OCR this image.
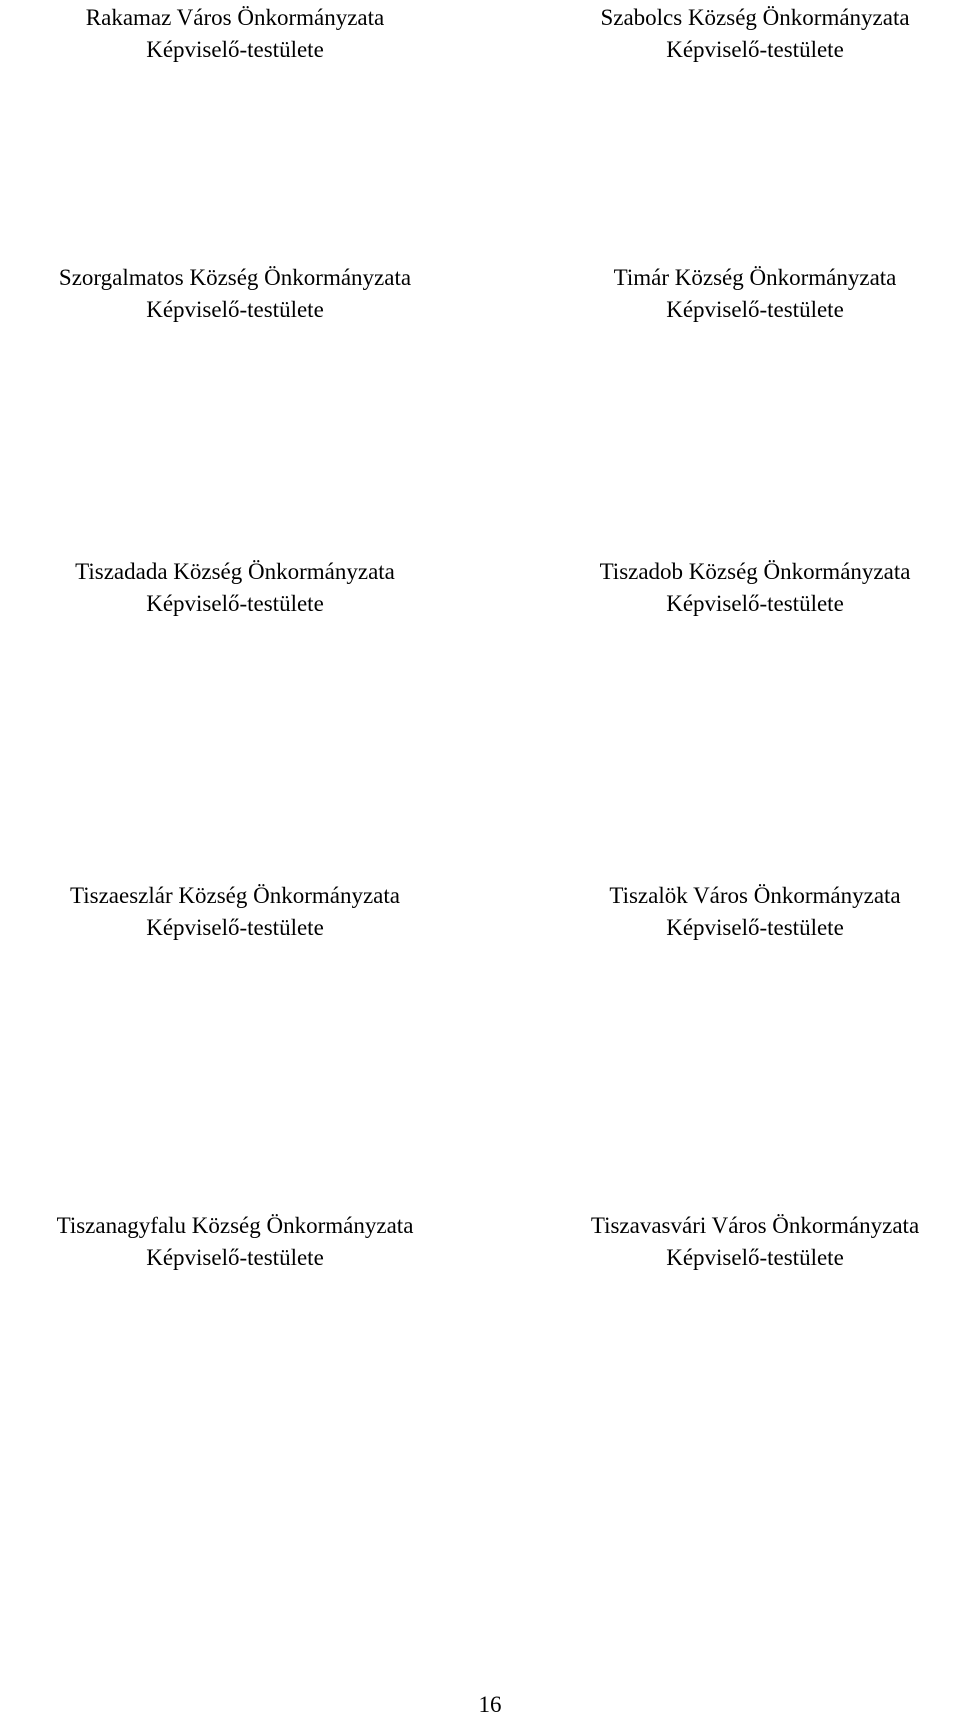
Rakamaz Város Önkormányzata
Képviselő-testülete
Szabolcs Község Önkormányzata
Képviselő-testülete
Szorgalmatos Község Önkormányzata
Képviselő-testülete
Timár Község Önkormányzata
Képviselő-testülete
Tiszadada Község Önkormányzata
Képviselő-testülete
Tiszadob Község Önkormányzata
Képviselő-testülete
Tiszaeszlár Község Önkormányzata
Képviselő-testülete
Tiszalök Város Önkormányzata
Képviselő-testülete
Tiszanagyfalu Község Önkormányzata
Képviselő-testülete
Tiszavasvári Város Önkormányzata
Képviselő-testülete
16
